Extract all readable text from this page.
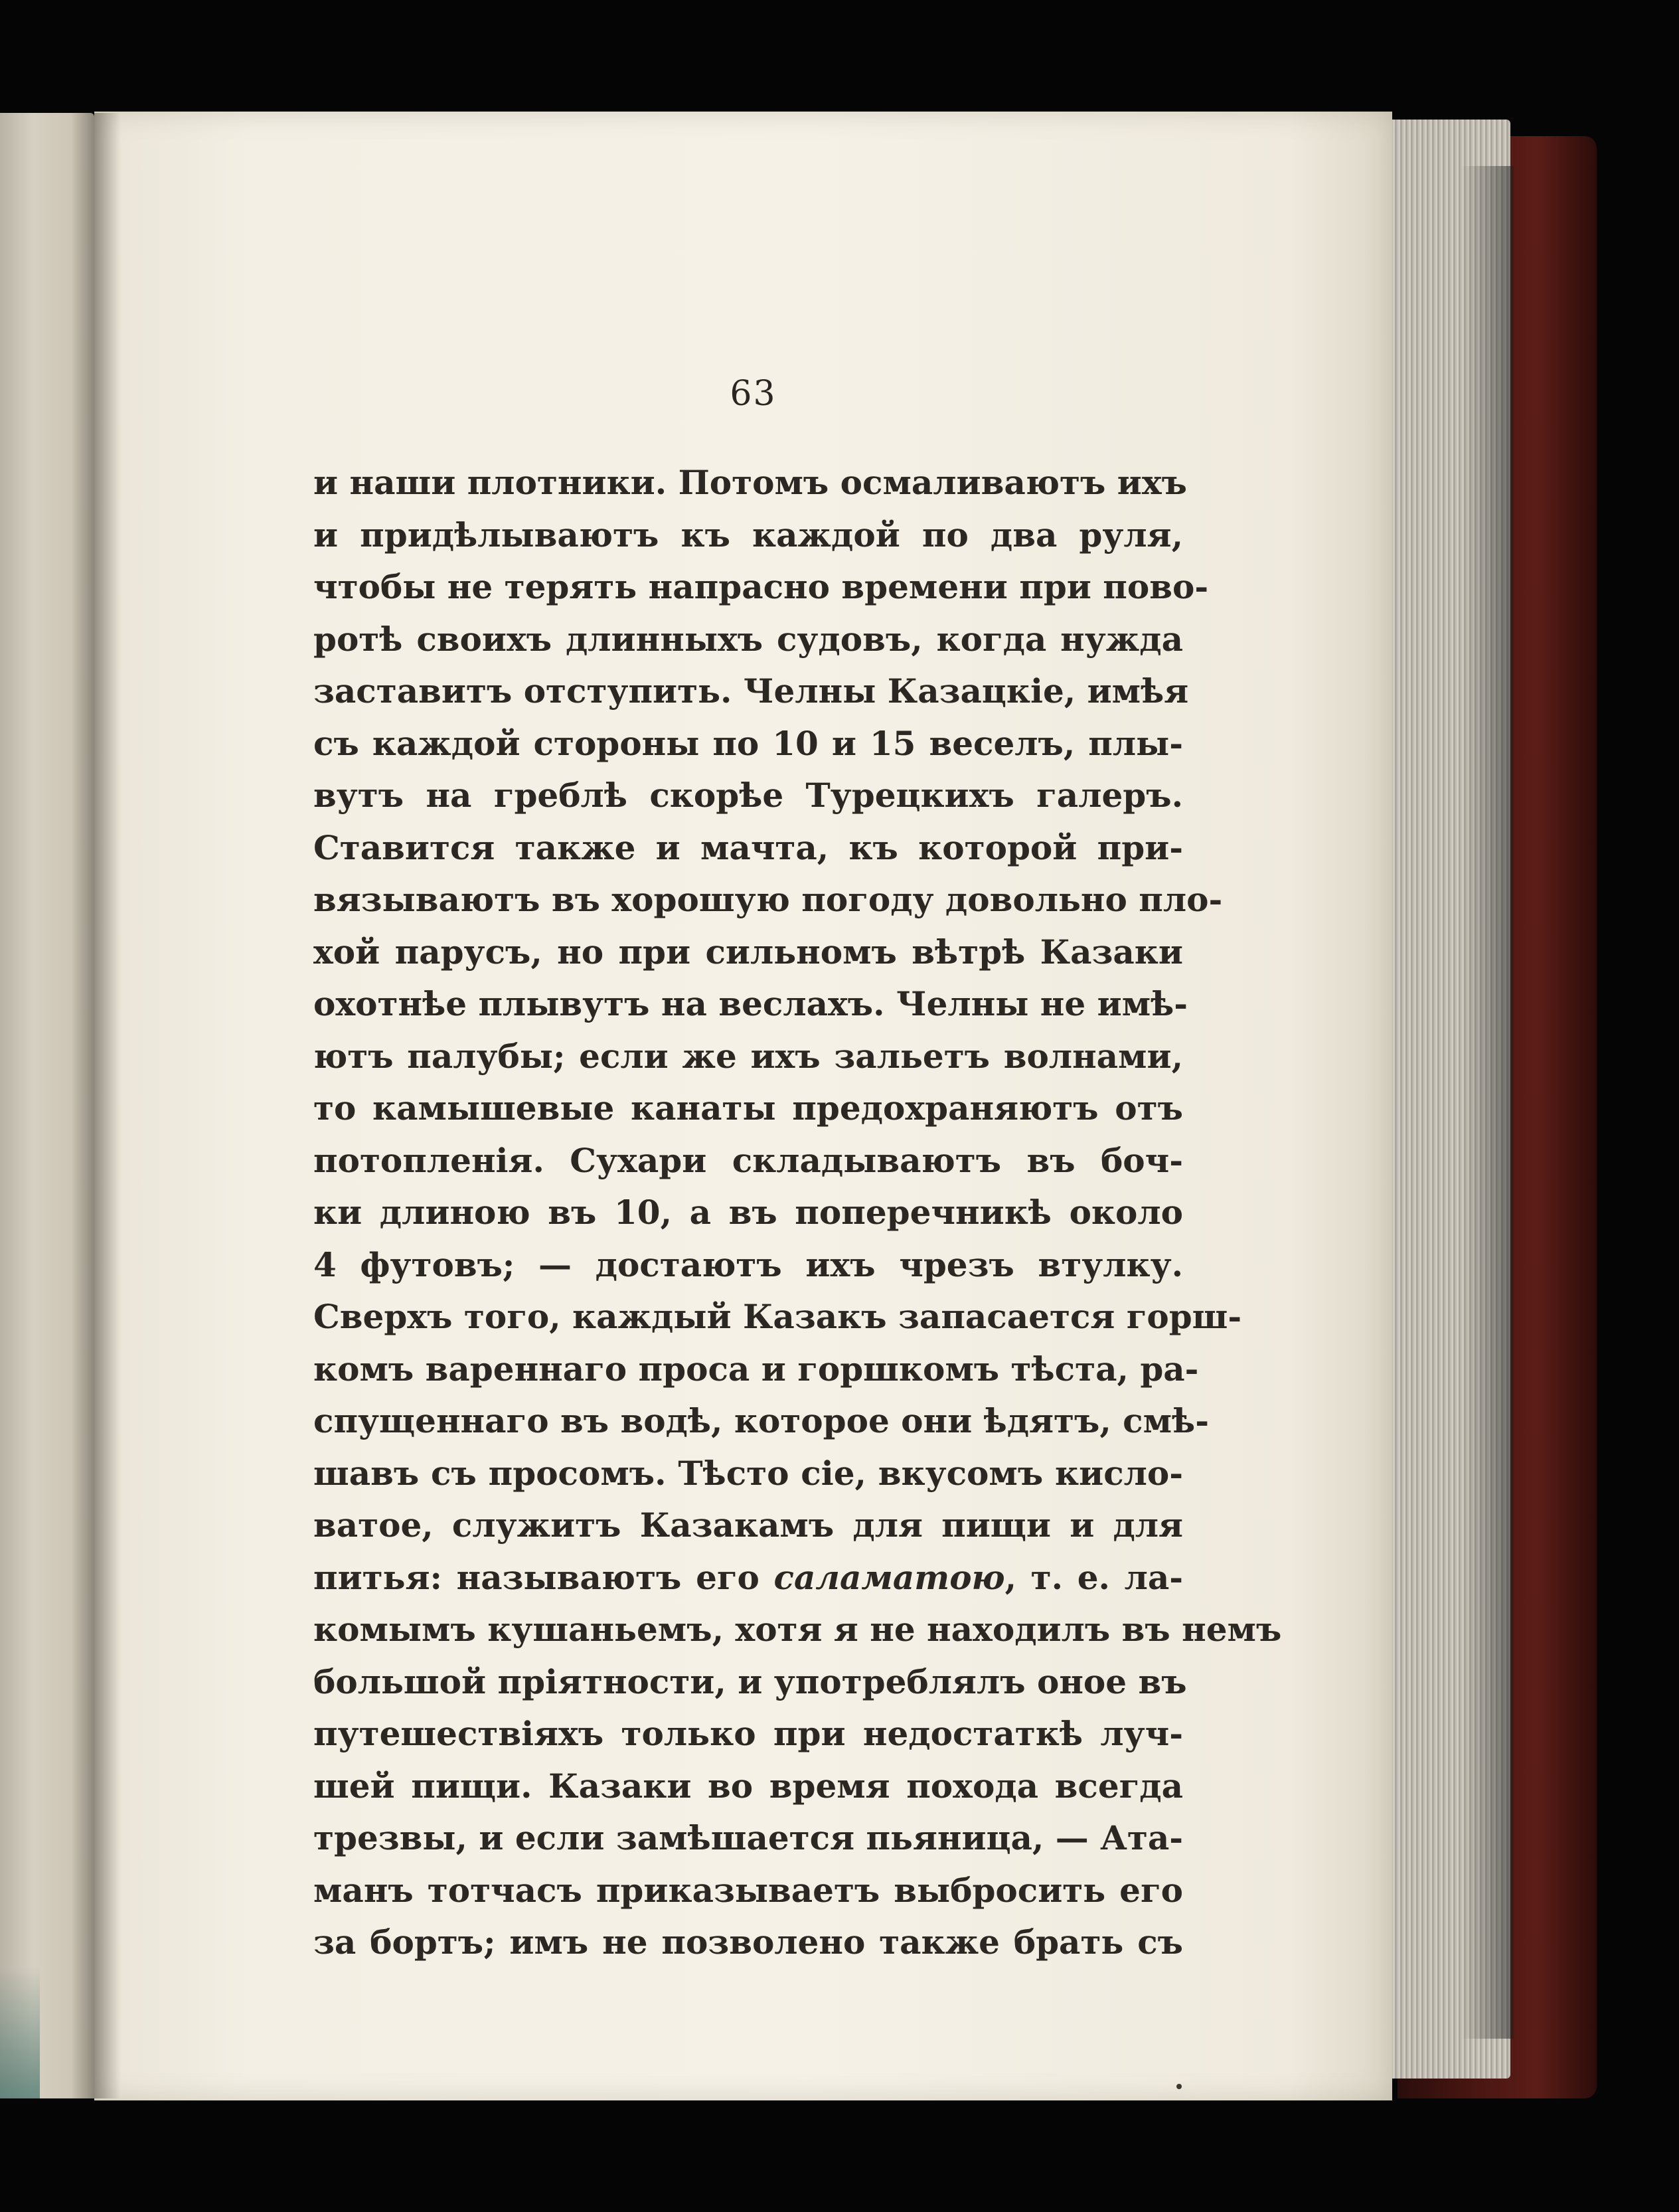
63
и наши плотники. Потомъ осмаливаютъ ихъ
и придѣлываютъ къ каждой по два руля,
чтобы не терять напрасно времени при пово-
ротѣ своихъ длинныхъ судовъ, когда нужда
заставитъ отступить. Челны Казацкіе, имѣя
съ каждой стороны по 10 и 15 веселъ, плы-
вутъ на греблѣ скорѣе Турецкихъ галеръ.
Ставится также и мачта, къ которой при-
вязываютъ въ хорошую погоду довольно пло-
хой парусъ, но при сильномъ вѣтрѣ Казаки
охотнѣе плывутъ на веслахъ. Челны не имѣ-
ютъ палубы; если же ихъ зальетъ волнами,
то камышевые канаты предохраняютъ отъ
потопленія. Сухари складываютъ въ боч-
ки длиною въ 10, а въ поперечникѣ около
4 футовъ; — достаютъ ихъ чрезъ втулку.
Сверхъ того, каждый Казакъ запасается горш-
комъ вареннаго проса и горшкомъ тѣста, ра-
спущеннаго въ водѣ, которое они ѣдятъ, смѣ-
шавъ съ просомъ. Тѣсто сіе, вкусомъ кисло-
ватое, служитъ Казакамъ для пищи и для
питья: называютъ его саламатою, т. е. ла-
комымъ кушаньемъ, хотя я не находилъ въ немъ
большой пріятности, и употреблялъ оное въ
путешествіяхъ только при недостаткѣ луч-
шей пищи. Казаки во время похода всегда
трезвы, и если замѣшается пьяница, — Ата-
манъ тотчасъ приказываетъ выбросить его
за бортъ; имъ не позволено также брать съ
